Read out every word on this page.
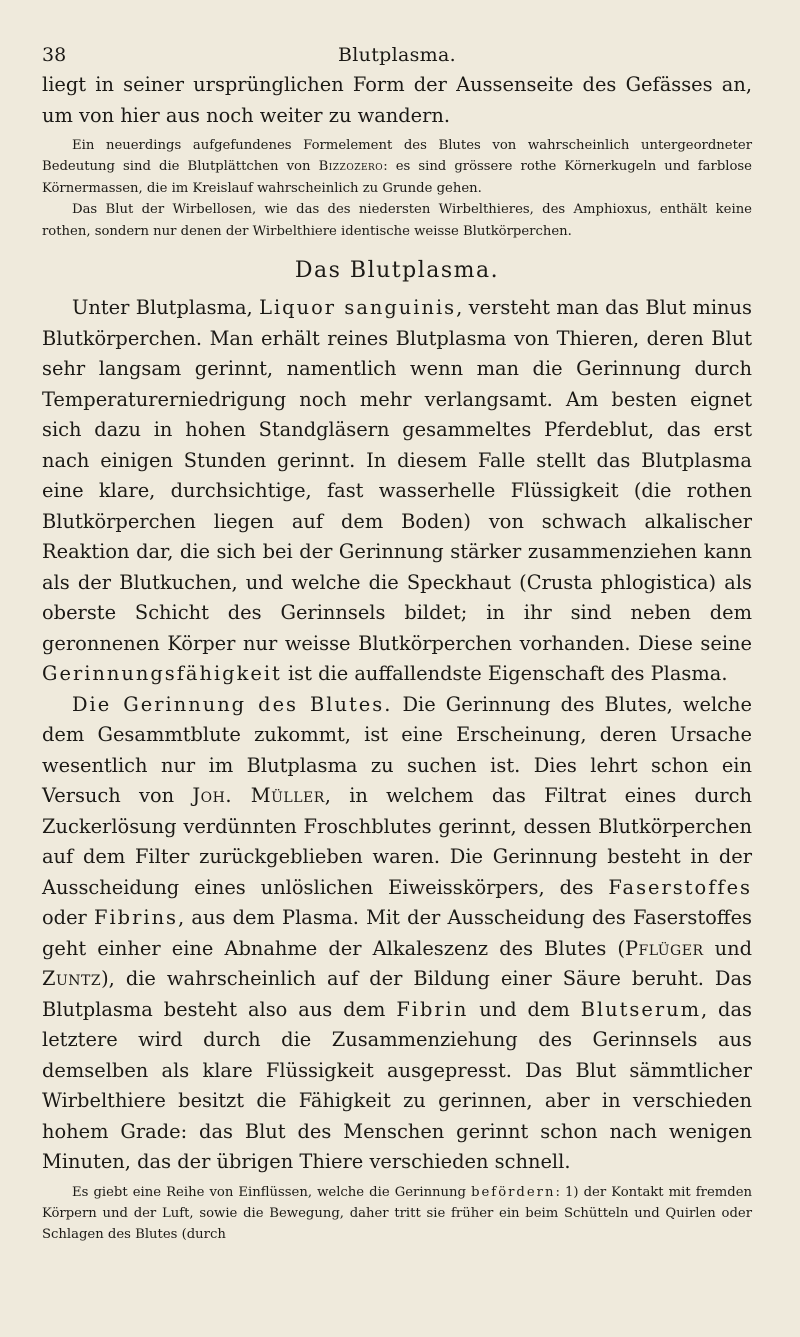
38	Blutplasma.

liegt in seiner ursprünglichen Form der Aussenseite des Gefässes an, um von hier aus noch weiter zu wandern.

Ein neuerdings aufgefundenes Formelement des Blutes von wahrscheinlich untergeordneter Bedeutung sind die Blutplättchen von Bizzozero: es sind grössere rothe Körnerkugeln und farblose Körnermassen, die im Kreislauf wahrscheinlich zu Grunde gehen.

Das Blut der Wirbellosen, wie das des niedersten Wirbelthieres, des Amphioxus, enthält keine rothen, sondern nur denen der Wirbelthiere identische weisse Blutkörperchen.

Das Blutplasma.

Unter Blutplasma, Liquor sanguinis, versteht man das Blut minus Blutkörperchen. Man erhält reines Blutplasma von Thieren, deren Blut sehr langsam gerinnt, namentlich wenn man die Gerinnung durch Temperaturerniedrigung noch mehr verlangsamt. Am besten eignet sich dazu in hohen Standgläsern gesammeltes Pferdeblut, das erst nach einigen Stunden gerinnt. In diesem Falle stellt das Blutplasma eine klare, durchsichtige, fast wasserhelle Flüssigkeit (die rothen Blutkörperchen liegen auf dem Boden) von schwach alkalischer Reaktion dar, die sich bei der Gerinnung stärker zusammenziehen kann als der Blutkuchen, und welche die Speckhaut (Crusta phlogistica) als oberste Schicht des Gerinnsels bildet; in ihr sind neben dem geronnenen Körper nur weisse Blutkörperchen vorhanden. Diese seine Gerinnungsfähigkeit ist die auffallendste Eigenschaft des Plasma.

Die Gerinnung des Blutes. Die Gerinnung des Blutes, welche dem Gesammtblute zukommt, ist eine Erscheinung, deren Ursache wesentlich nur im Blutplasma zu suchen ist. Dies lehrt schon ein Versuch von Joh. Müller, in welchem das Filtrat eines durch Zuckerlösung verdünnten Froschblutes gerinnt, dessen Blutkörperchen auf dem Filter zurückgeblieben waren. Die Gerinnung besteht in der Ausscheidung eines unlöslichen Eiweisskörpers, des Faserstoffes oder Fibrins, aus dem Plasma. Mit der Ausscheidung des Faserstoffes geht einher eine Abnahme der Alkaleszenz des Blutes (Pflüger und Zuntz), die wahrscheinlich auf der Bildung einer Säure beruht. Das Blutplasma besteht also aus dem Fibrin und dem Blutserum, das letztere wird durch die Zusammenziehung des Gerinnsels aus demselben als klare Flüssigkeit ausgepresst. Das Blut sämmtlicher Wirbelthiere besitzt die Fähigkeit zu gerinnen, aber in verschieden hohem Grade: das Blut des Menschen gerinnt schon nach wenigen Minuten, das der übrigen Thiere verschieden schnell.

Es giebt eine Reihe von Einflüssen, welche die Gerinnung befördern: 1) der Kontakt mit fremden Körpern und der Luft, sowie die Bewegung, daher tritt sie früher ein beim Schütteln und Quirlen oder Schlagen des Blutes (durch
